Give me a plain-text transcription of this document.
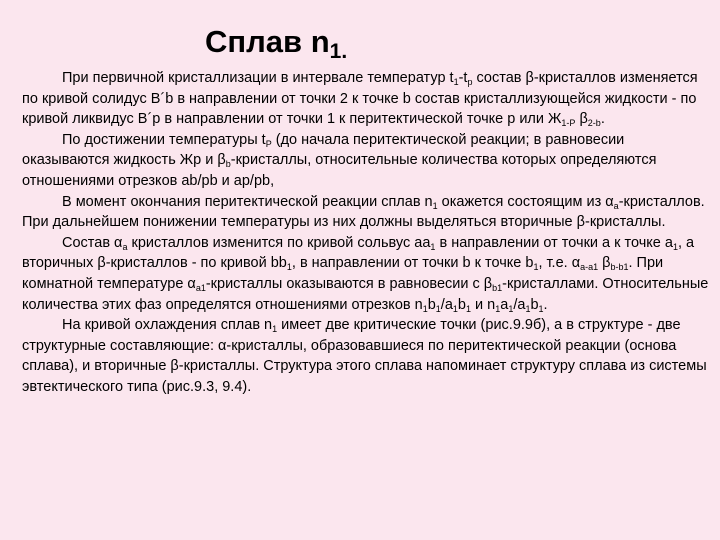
Сплав $n_{1.}$

При первичной кристаллизации в интервале температур $t_1-t_p$ состав β-кристаллов изменяется по кривой солидус B´b в направлении от точки 2 к точке b состав кристаллизующейся жидкости - по кривой ликвидус B´p в направлении от точки 1 к перитектической точке p или $Ж_{1-P}$ $\beta_{2-b}$.

По достижении температуры $t_P$ (до начала перитектической реакции; в равновесии оказываются жидкость Жр и $\beta_b$-кристаллы, относительные количества которых определяются отношениями отрезков ab/pb и ap/pb,

В момент окончания перитектической реакции сплав $n_1$ окажется состоящим из $\alpha_a$-кристаллов. При дальнейшем понижении температуры из них должны выделяться вторичные β-кристаллы.

Состав $\alpha_a$ кристаллов изменится по кривой сольвус $aa_1$ в направлении от точки a к точке $a_1$, а вторичных β-кристаллов - по кривой $bb_1$, в направлении от точки b к точке $b_1$, т.е. $\alpha_{a-a1}$ $\beta_{b-b1}$. При комнатной температуре $\alpha_{a1}$-кристаллы оказываются в равновесии с $\beta_{b1}$-кристаллами. Относительные количества этих фаз определятся отношениями отрезков $n_1b_1/a_1b_1$ и $n_1a_1/a_1b_1$.

На кривой охлаждения сплав $n_1$ имеет две критические точки (рис.9.9б), а в структуре - две структурные составляющие: α-кристаллы, образовавшиеся по перитектической реакции (основа сплава), и вторичные β-кристаллы. Структура этого сплава напоминает структуру сплава из системы эвтектического типа (рис.9.3, 9.4).
